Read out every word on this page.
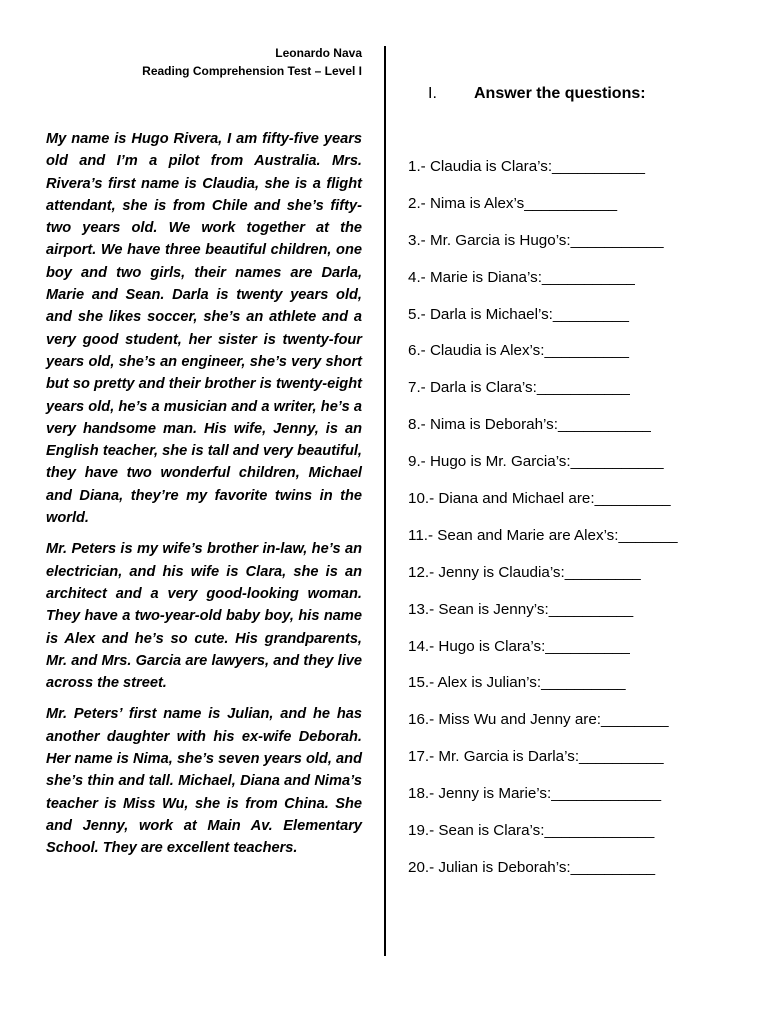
Leonardo Nava
Reading Comprehension Test – Level I

My name is Hugo Rivera, I am fifty-five years old and I’m a pilot from Australia. Mrs. Rivera’s first name is Claudia, she is a flight attendant, she is from Chile and she’s fifty-two years old. We work together at the airport. We have three beautiful children, one boy and two girls, their names are Darla, Marie and Sean. Darla is twenty years old, and she likes soccer, she’s an athlete and a very good student, her sister is twenty-four years old, she’s an engineer, she’s very short but so pretty and their brother is twenty-eight years old, he’s a musician and a writer, he’s a very handsome man. His wife, Jenny, is an English teacher, she is tall and very beautiful, they have two wonderful children, Michael and Diana, they’re my favorite twins in the world.

Mr. Peters is my wife’s brother in-law, he’s an electrician, and his wife is Clara, she is an architect and a very good-looking woman. They have a two-year-old baby boy, his name is Alex and he’s so cute. His grandparents, Mr. and Mrs. Garcia are lawyers, and they live across the street.

Mr. Peters’ first name is Julian, and he has another daughter with his ex-wife Deborah. Her name is Nima, she’s seven years old, and she’s thin and tall. Michael, Diana and Nima’s teacher is Miss Wu, she is from China. She and Jenny, work at Main Av. Elementary School. They are excellent teachers.

I. Answer the questions:
1.- Claudia is Clara’s:___________
2.- Nima is Alex’s___________
3.- Mr. Garcia is Hugo’s:___________
4.- Marie is Diana’s:___________
5.- Darla is Michael’s:_________
6.- Claudia is Alex’s:__________
7.- Darla is Clara’s:___________
8.- Nima is Deborah’s:___________
9.- Hugo is Mr. Garcia’s:___________
10.- Diana and Michael are:_________
11.- Sean and Marie are Alex’s:_______
12.- Jenny is Claudia’s:_________
13.- Sean is Jenny’s:__________
14.- Hugo is Clara’s:__________
15.- Alex is Julian’s:__________
16.- Miss Wu and Jenny are:________
17.- Mr. Garcia is Darla’s:__________
18.- Jenny is Marie’s:_____________
19.- Sean is Clara’s:_____________
20.- Julian is Deborah’s:__________
